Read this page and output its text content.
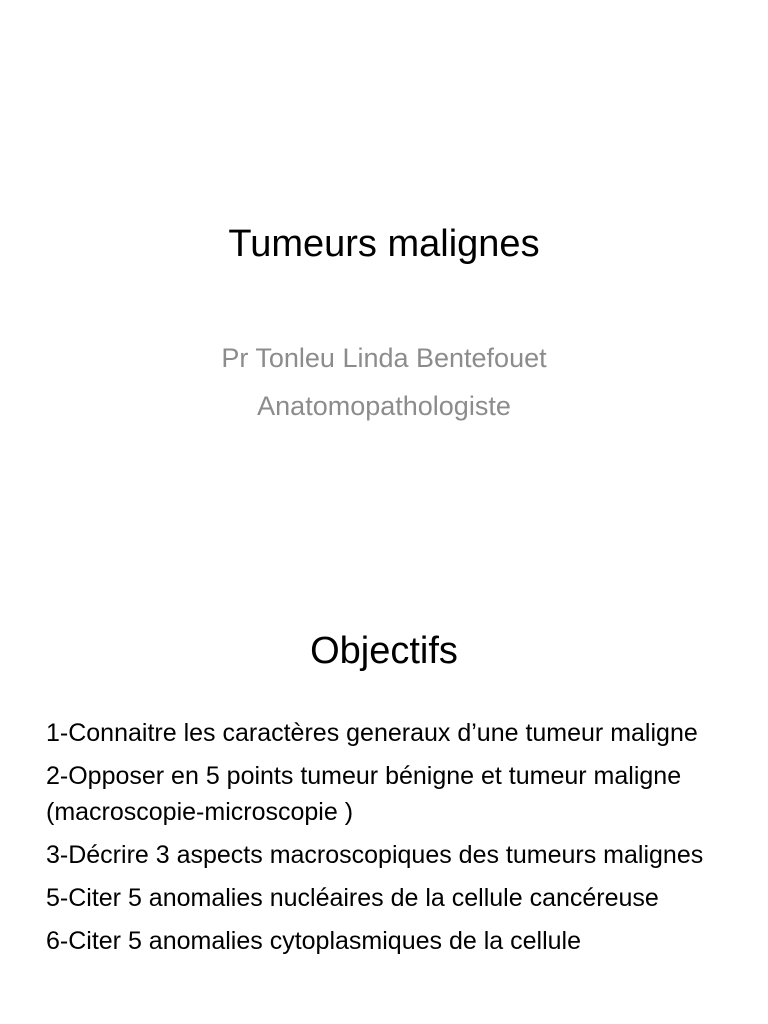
Tumeurs malignes
Pr Tonleu Linda Bentefouet
Anatomopathologiste
Objectifs
1-Connaitre les caractères generaux d’une tumeur maligne
2-Opposer en 5 points tumeur bénigne et tumeur maligne (macroscopie-microscopie )
3-Décrire 3 aspects macroscopiques des tumeurs malignes
5-Citer 5 anomalies nucléaires de la cellule cancéreuse
6-Citer 5 anomalies cytoplasmiques de la cellule
